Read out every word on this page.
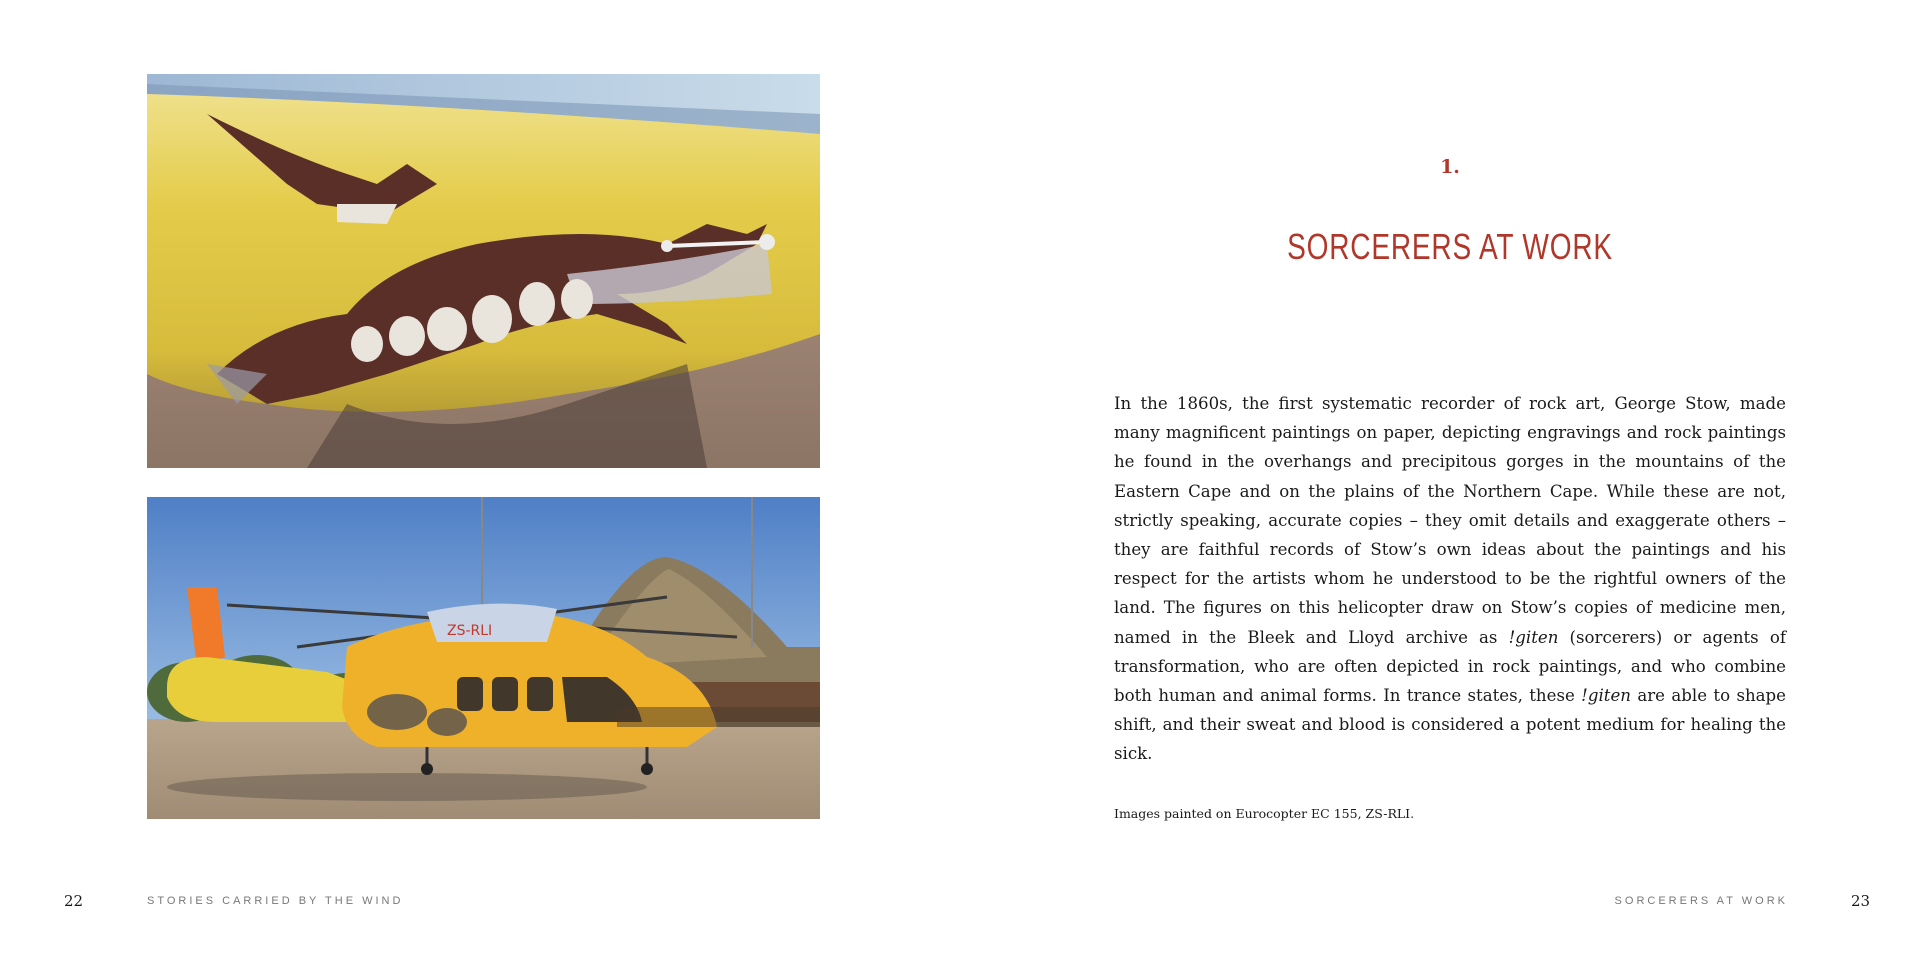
ZS-RLI
1.
SORCERERS AT WORK

In the 1860s, the first systematic recorder of rock art, George Stow, made many magnificent paintings on paper, depicting engravings and rock paintings he found in the overhangs and precipitous gorges in the mountains of the Eastern Cape and on the plains of the Northern Cape. While these are not, strictly speaking, accurate copies – they omit details and exaggerate others – they are faithful records of Stow’s own ideas about the paintings and his respect for the artists whom he understood to be the rightful owners of the land. The figures on this helicopter draw on Stow’s copies of medicine men, named in the Bleek and Lloyd archive as !giten (sorcerers) or agents of transformation, who are often depicted in rock paintings, and who combine both human and animal forms. In trance states, these !giten are able to shape shift, and their sweat and blood is considered a potent medium for healing the sick.

Images painted on Eurocopter EC 155, ZS-RLI.

22	STORIES CARRIED BY THE WIND	SORCERERS AT WORK	23
